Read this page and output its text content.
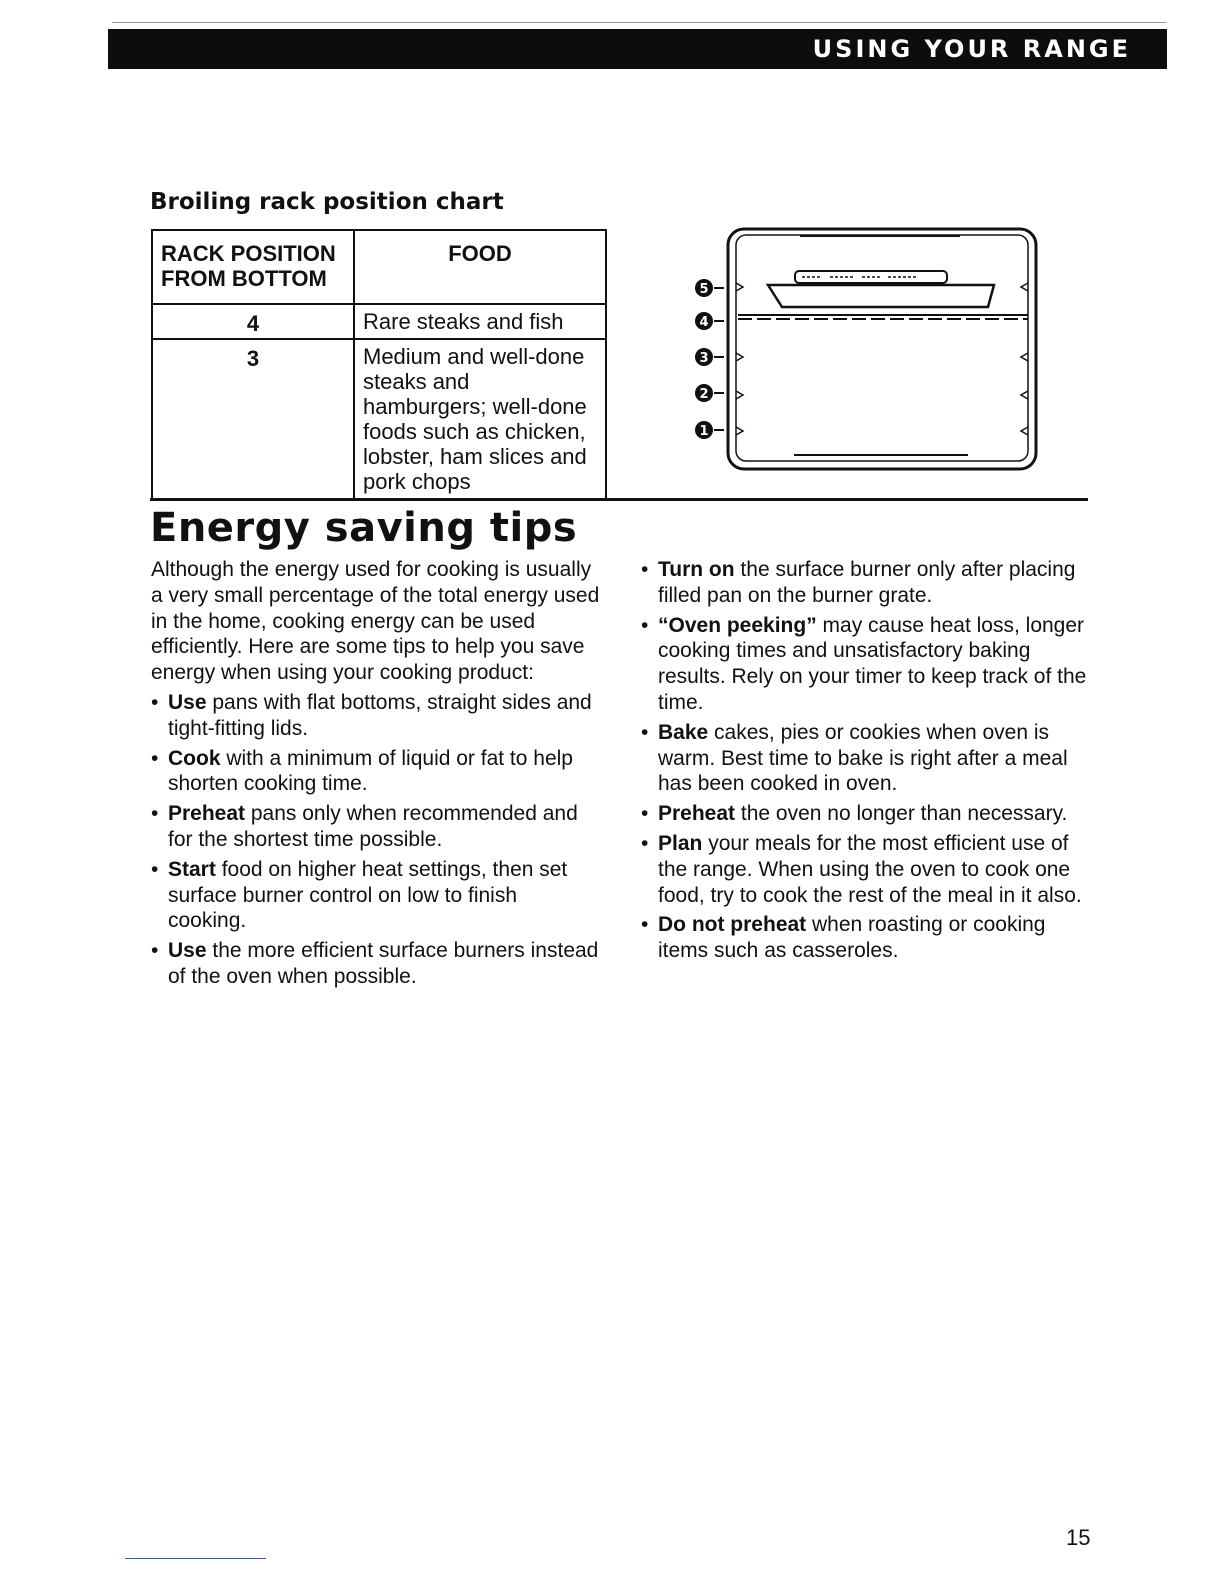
USING YOUR RANGE
Broiling rack position chart
RACK POSITION FROM BOTTOM	FOOD
4	Rare steaks and fish
3	Medium and well-done steaks and hamburgers; well-done foods such as chicken, lobster, ham slices and pork chops
5
4
3
2
1
Energy saving tips

Although the energy used for cooking is usually a very small percentage of the total energy used in the home, cooking energy can be used efficiently. Here are some tips to help you save energy when using your cooking product:

• Use pans with flat bottoms, straight sides and tight-fitting lids.
• Cook with a minimum of liquid or fat to help shorten cooking time.
• Preheat pans only when recommended and for the shortest time possible.
• Start food on higher heat settings, then set surface burner control on low to finish cooking.
• Use the more efficient surface burners instead of the oven when possible.
• Turn on the surface burner only after placing filled pan on the burner grate.
• “Oven peeking” may cause heat loss, longer cooking times and unsatisfactory baking results. Rely on your timer to keep track of the time.
• Bake cakes, pies or cookies when oven is warm. Best time to bake is right after a meal has been cooked in oven.
• Preheat the oven no longer than necessary.
• Plan your meals for the most efficient use of the range. When using the oven to cook one food, try to cook the rest of the meal in it also.
• Do not preheat when roasting or cooking items such as casseroles.
15
